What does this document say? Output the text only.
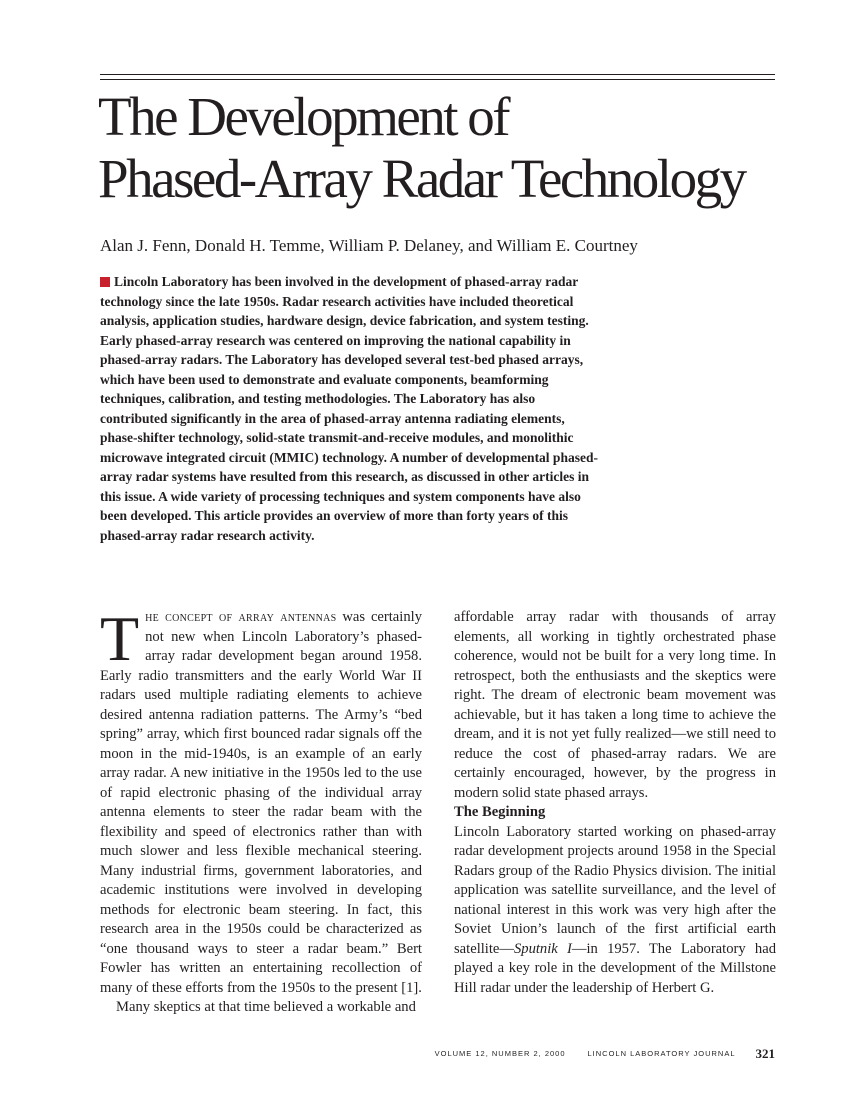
The Development of
Phased-Array Radar Technology

Alan J. Fenn, Donald H. Temme, William P. Delaney, and William E. Courtney

Lincoln Laboratory has been involved in the development of phased-array radar technology since the late 1950s. Radar research activities have included theoretical analysis, application studies, hardware design, device fabrication, and system testing. Early phased-array research was centered on improving the national capability in phased-array radars. The Laboratory has developed several test-bed phased arrays, which have been used to demonstrate and evaluate components, beamforming techniques, calibration, and testing methodologies. The Laboratory has also contributed significantly in the area of phased-array antenna radiating elements, phase-shifter technology, solid-state transmit-and-receive modules, and monolithic microwave integrated circuit (MMIC) technology. A number of developmental phased-array radar systems have resulted from this research, as discussed in other articles in this issue. A wide variety of processing techniques and system components have also been developed. This article provides an overview of more than forty years of this phased-array radar research activity.

The concept of array antennas was certainly not new when Lincoln Laboratory’s phased-array radar development began around 1958. Early radio transmitters and the early World War II radars used multiple radiating elements to achieve desired antenna radiation patterns. The Army’s “bed spring” array, which first bounced radar signals off the moon in the mid-1940s, is an example of an early array radar. A new initiative in the 1950s led to the use of rapid electronic phasing of the individual array antenna elements to steer the radar beam with the flexibility and speed of electronics rather than with much slower and less flexible mechanical steering. Many industrial firms, government laboratories, and academic institutions were involved in developing methods for electronic beam steering. In fact, this research area in the 1950s could be characterized as “one thousand ways to steer a radar beam.” Bert Fowler has written an entertaining recollection of many of these efforts from the 1950s to the present [1].

Many skeptics at that time believed a workable and

affordable array radar with thousands of array elements, all working in tightly orchestrated phase coherence, would not be built for a very long time. In retrospect, both the enthusiasts and the skeptics were right. The dream of electronic beam movement was achievable, but it has taken a long time to achieve the dream, and it is not yet fully realized—we still need to reduce the cost of phased-array radars. We are certainly encouraged, however, by the progress in modern solid state phased arrays.

The Beginning

Lincoln Laboratory started working on phased-array radar development projects around 1958 in the Special Radars group of the Radio Physics division. The initial application was satellite surveillance, and the level of national interest in this work was very high after the Soviet Union’s launch of the first artificial earth satellite—Sputnik I—in 1957. The Laboratory had played a key role in the development of the Millstone Hill radar under the leadership of Herbert G.

VOLUME 12, NUMBER 2, 2000	LINCOLN LABORATORY JOURNAL 321
